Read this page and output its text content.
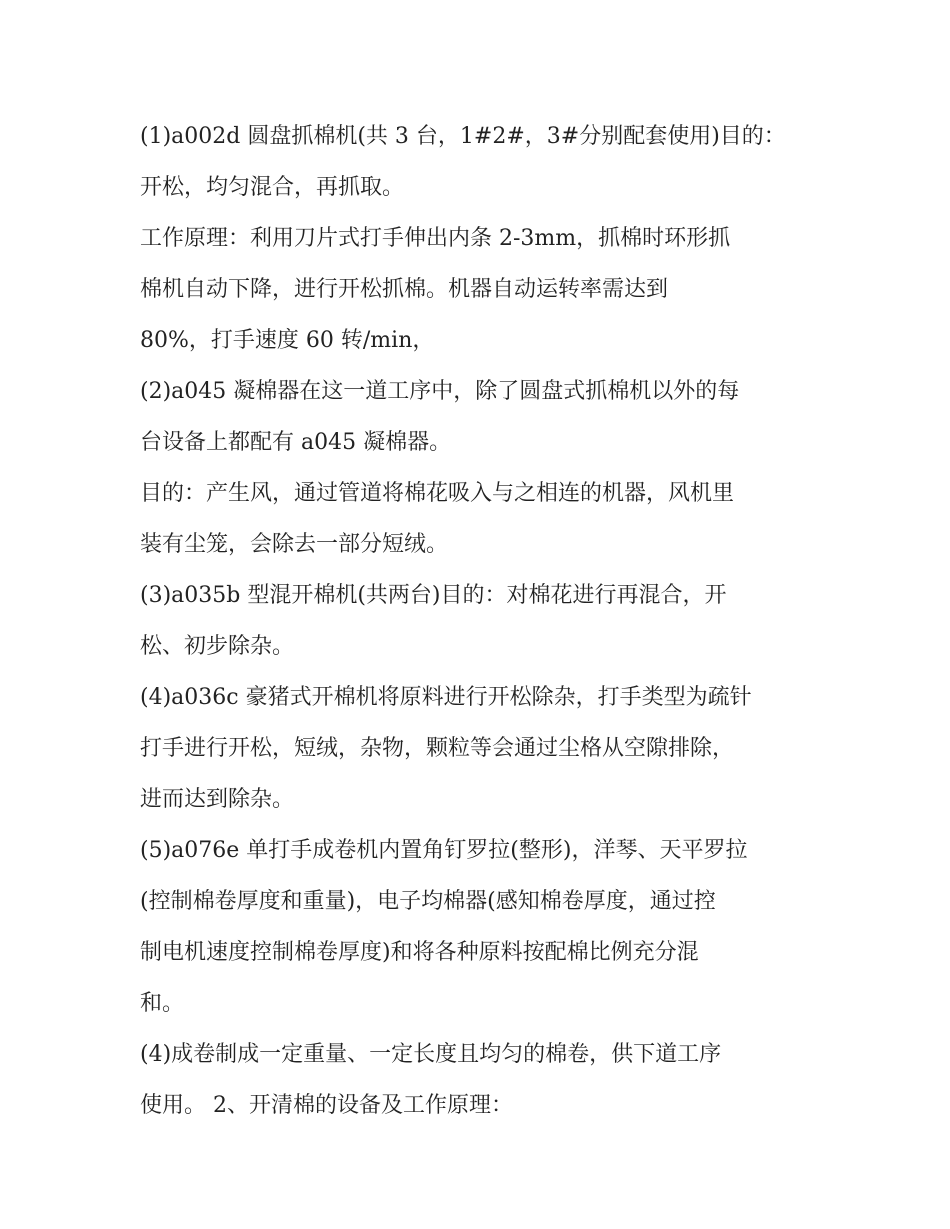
(1)a002d 圆盘抓棉机(共 3 台，1#2#，3#分别配套使用)目的：
开松，均匀混合，再抓取。
工作原理：利用刀片式打手伸出内条 2-3mm，抓棉时环形抓
棉机自动下降，进行开松抓棉。机器自动运转率需达到
80%，打手速度 60 转/min，
(2)a045 凝棉器在这一道工序中，除了圆盘式抓棉机以外的每
台设备上都配有 a045 凝棉器。
目的：产生风，通过管道将棉花吸入与之相连的机器，风机里
装有尘笼，会除去一部分短绒。
(3)a035b 型混开棉机(共两台)目的：对棉花进行再混合，开
松、初步除杂。
(4)a036c 豪猪式开棉机将原料进行开松除杂，打手类型为疏针
打手进行开松，短绒，杂物，颗粒等会通过尘格从空隙排除，
进而达到除杂。
(5)a076e 单打手成卷机内置角钉罗拉(整形)，洋琴、天平罗拉
(控制棉卷厚度和重量)，电子均棉器(感知棉卷厚度，通过控
制电机速度控制棉卷厚度)和将各种原料按配棉比例充分混
和。
(4)成卷制成一定重量、一定长度且均匀的棉卷，供下道工序
使用。 2、开清棉的设备及工作原理：
